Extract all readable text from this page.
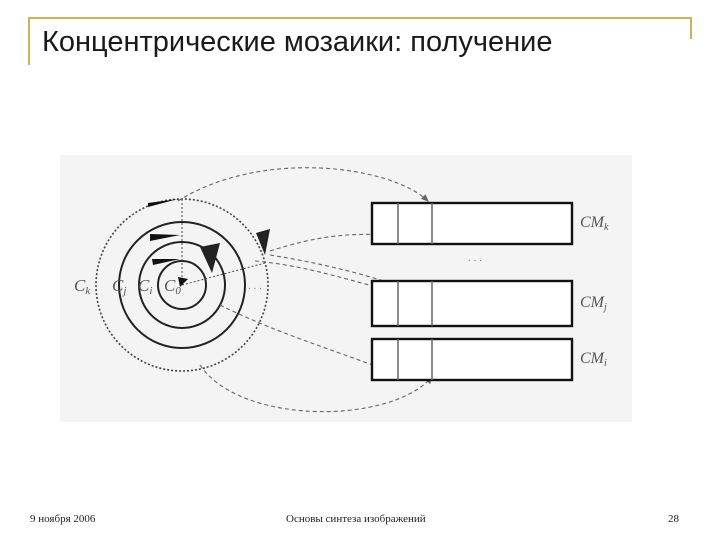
Концентрические мозаики: получение
Ck Cj Ci C0	. . .
. . .
CMk
CMj
CMi
9 ноября 2006	Основы синтеза изображений	28
